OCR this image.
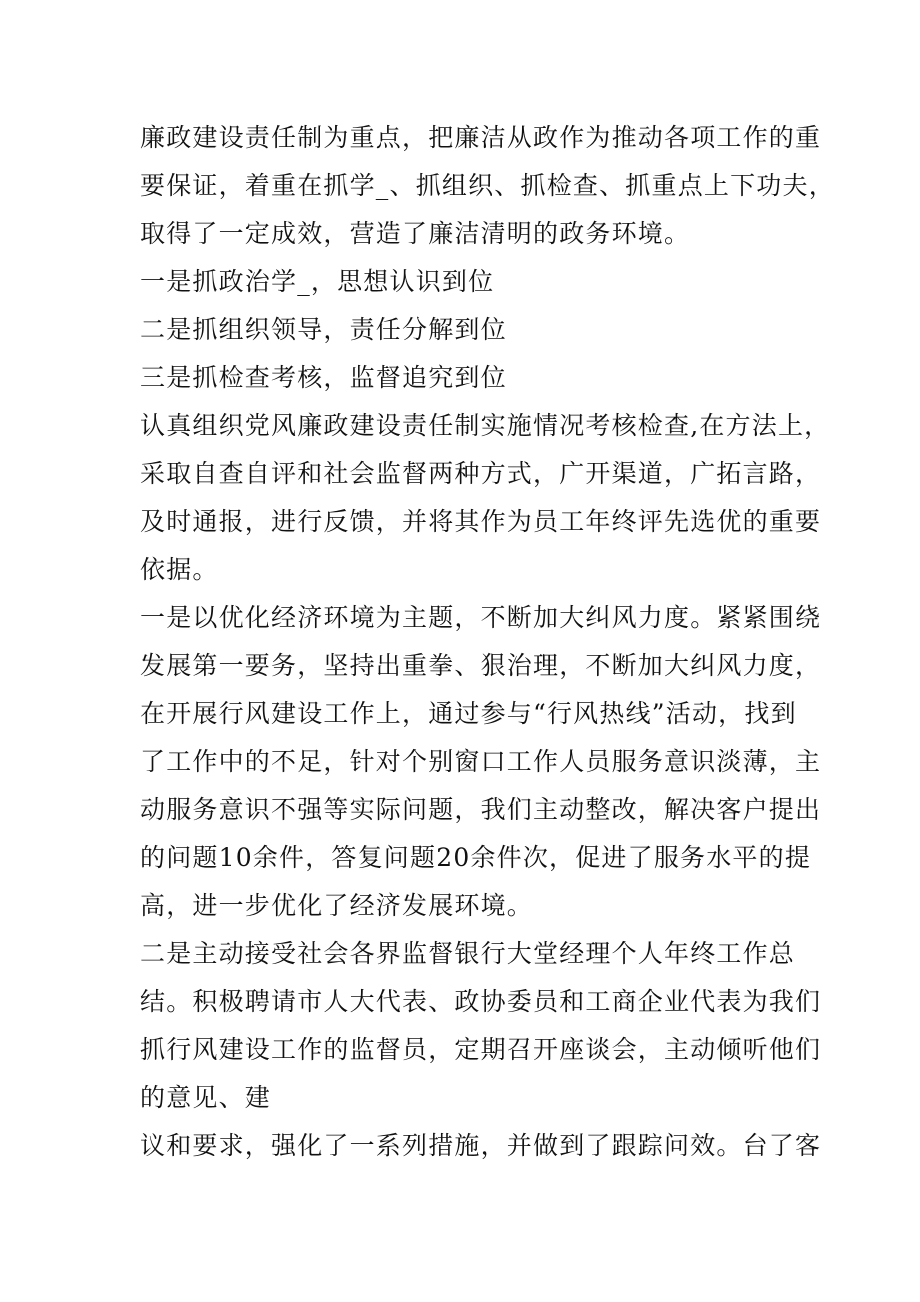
廉政建设责任制为重点，把廉洁从政作为推动各项工作的重
要保证，着重在抓学_、抓组织、抓检查、抓重点上下功夫，
取得了一定成效，营造了廉洁清明的政务环境。
一是抓政治学_，思想认识到位
二是抓组织领导，责任分解到位
三是抓检查考核，监督追究到位
认真组织党风廉政建设责任制实施情况考核检查,在方法上，
采取自查自评和社会监督两种方式，广开渠道，广拓言路，
及时通报，进行反馈，并将其作为员工年终评先选优的重要
依据。
一是以优化经济环境为主题，不断加大纠风力度。紧紧围绕
发展第一要务，坚持出重拳、狠治理，不断加大纠风力度，
在开展行风建设工作上，通过参与“行风热线”活动，找到
了工作中的不足，针对个别窗口工作人员服务意识淡薄，主
动服务意识不强等实际问题，我们主动整改，解决客户提出
的问题10余件，答复问题20余件次，促进了服务水平的提
高，进一步优化了经济发展环境。
二是主动接受社会各界监督银行大堂经理个人年终工作总
结。积极聘请市人大代表、政协委员和工商企业代表为我们
抓行风建设工作的监督员，定期召开座谈会，主动倾听他们
的意见、建
议和要求，强化了一系列措施，并做到了跟踪问效。台了客
